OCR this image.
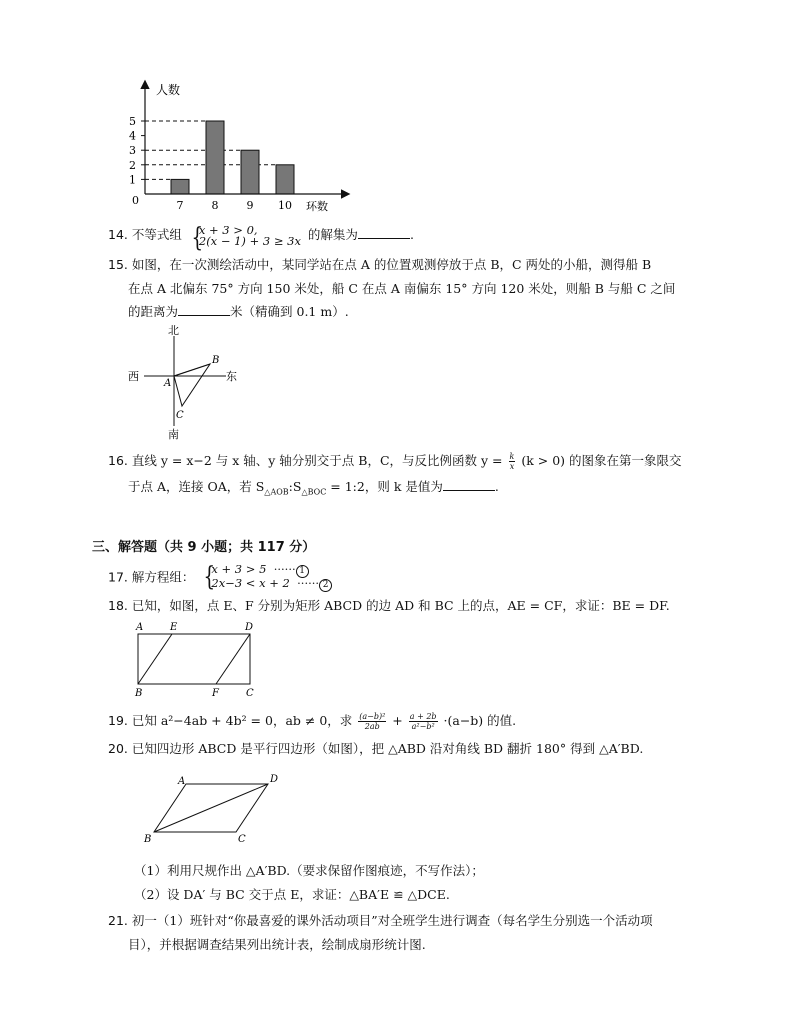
人数
环数
0
1
2
3
4
5
7	8	9 10
14. 不等式组 {
x + 3 > 0,
2(x − 1) + 3 ≥ 3x 的解集为	.
15. 如图，在一次测绘活动中，某同学站在点 A 的位置观测停放于点 B，C 两处的小船，测得船 B
在点 A 北偏东 75° 方向 150 米处，船 C 在点 A 南偏东 15° 方向 120 米处，则船 B 与船 C 之间
的距离为	米（精确到 0.1 m）.
北
南
西	东
A
B
C
16. 直线 y = x−2 与 x 轴、y 轴分别交于点 B，C，与反比例函数 $y = \frac{k}{x} (k > 0)$ 的图象在第一象限交
于点 A，连接 OA，若 $S_{\triangle AOB}:S_{\triangle BOC}$ = 1:2，则 k 是值为	.
三、解答题（共 9 小题；共 117 分）
17. 解方程组： {
x + 3 > 5 ······ 1
2x−3 < x + 2 ······ 2
18. 已知，如图，点 E、F 分别为矩形 ABCD 的边 AD 和 BC 上的点，AE = CF，求证：BE = DF.
A	E	D
B	F	C
19. 已知 a²−4ab + 4b² = 0，ab ≠ 0，求 $\frac{\text{(a−b)²}}{2ab} + \frac{a + 2b}{\text{a²−b²}} \cdot(a-b)$ 的值.
20. 已知四边形 ABCD 是平行四边形（如图），把 △ABD 沿对角线 BD 翻折 180° 得到 △A′BD.
A	D
B	C
（1）利用尺规作出 △A′BD.（要求保留作图痕迹，不写作法）；
（2）设 DA′ 与 BC 交于点 E，求证：△BA′E ≌ △DCE.
21. 初一（1）班针对“你最喜爱的课外活动项目”对全班学生进行调查（每名学生分别选一个活动项
目），并根据调查结果列出统计表，绘制成扇形统计图.
